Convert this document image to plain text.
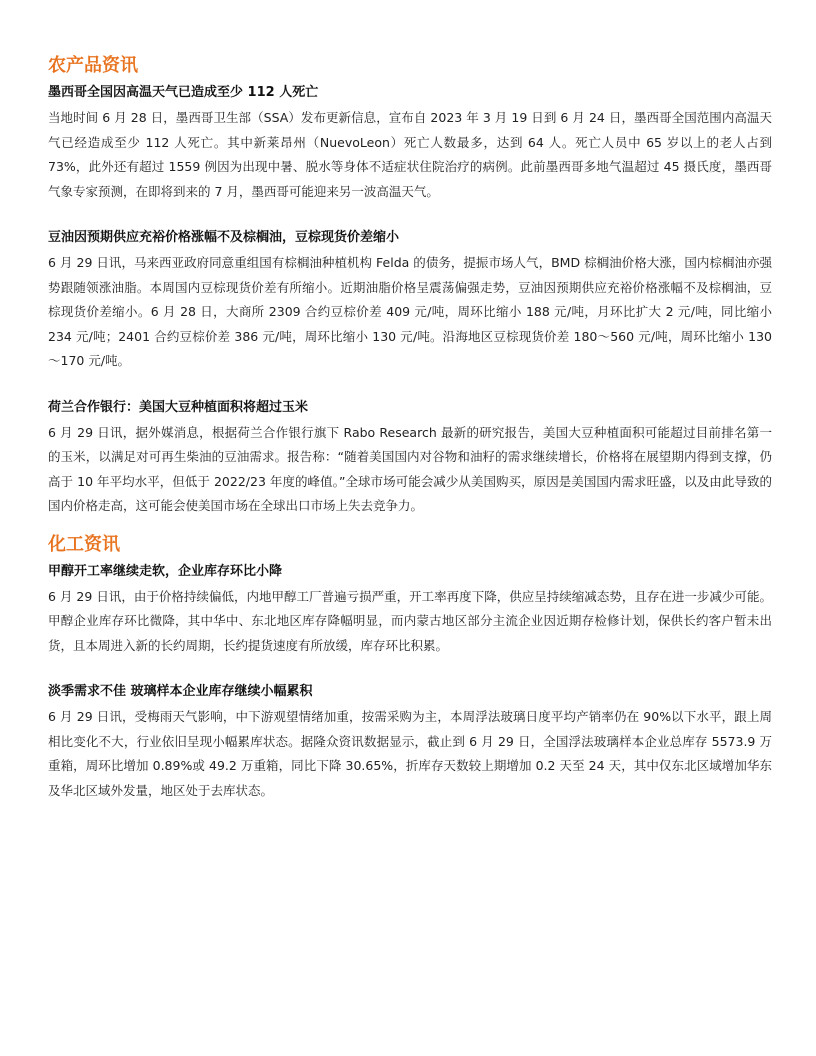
农产品资讯
墨西哥全国因高温天气已造成至少 112 人死亡

当地时间 6 月 28 日，墨西哥卫生部（SSA）发布更新信息，宣布自 2023 年 3 月 19 日到 6 月 24 日，墨西哥全国范围内高温天气已经造成至少 112 人死亡。其中新莱昂州（NuevoLeon）死亡人数最多，达到 64 人。死亡人员中 65 岁以上的老人占到 73%，此外还有超过 1559 例因为出现中暑、脱水等身体不适症状住院治疗的病例。此前墨西哥多地气温超过 45 摄氏度，墨西哥气象专家预测，在即将到来的 7 月，墨西哥可能迎来另一波高温天气。

豆油因预期供应充裕价格涨幅不及棕榈油，豆棕现货价差缩小

6 月 29 日讯，马来西亚政府同意重组国有棕榈油种植机构 Felda 的债务，提振市场人气，BMD 棕榈油价格大涨，国内棕榈油亦强势跟随领涨油脂。本周国内豆棕现货价差有所缩小。近期油脂价格呈震荡偏强走势，豆油因预期供应充裕价格涨幅不及棕榈油，豆棕现货价差缩小。6 月 28 日，大商所 2309 合约豆棕价差 409 元/吨，周环比缩小 188 元/吨，月环比扩大 2 元/吨，同比缩小 234 元/吨；2401 合约豆棕价差 386 元/吨，周环比缩小 130 元/吨。沿海地区豆棕现货价差 180～560 元/吨，周环比缩小 130～170 元/吨。

荷兰合作银行：美国大豆种植面积将超过玉米

6 月 29 日讯，据外媒消息，根据荷兰合作银行旗下 Rabo Research 最新的研究报告，美国大豆种植面积可能超过目前排名第一的玉米，以满足对可再生柴油的豆油需求。报告称：“随着美国国内对谷物和油籽的需求继续增长，价格将在展望期内得到支撑，仍高于 10 年平均水平，但低于 2022/23 年度的峰值。”全球市场可能会减少从美国购买，原因是美国国内需求旺盛，以及由此导致的国内价格走高，这可能会使美国市场在全球出口市场上失去竞争力。

化工资讯
甲醇开工率继续走软，企业库存环比小降

6 月 29 日讯，由于价格持续偏低，内地甲醇工厂普遍亏损严重，开工率再度下降，供应呈持续缩减态势，且存在进一步减少可能。甲醇企业库存环比微降，其中华中、东北地区库存降幅明显，而内蒙古地区部分主流企业因近期存检修计划，保供长约客户暂未出货，且本周进入新的长约周期，长约提货速度有所放缓，库存环比积累。

淡季需求不佳 玻璃样本企业库存继续小幅累积

6 月 29 日讯，受梅雨天气影响，中下游观望情绪加重，按需采购为主，本周浮法玻璃日度平均产销率仍在 90%以下水平，跟上周相比变化不大，行业依旧呈现小幅累库状态。据隆众资讯数据显示，截止到 6 月 29 日，全国浮法玻璃样本企业总库存 5573.9 万重箱，周环比增加 0.89%或 49.2 万重箱，同比下降 30.65%，折库存天数较上期增加 0.2 天至 24 天，其中仅东北区域增加华东及华北区域外发量，地区处于去库状态。
